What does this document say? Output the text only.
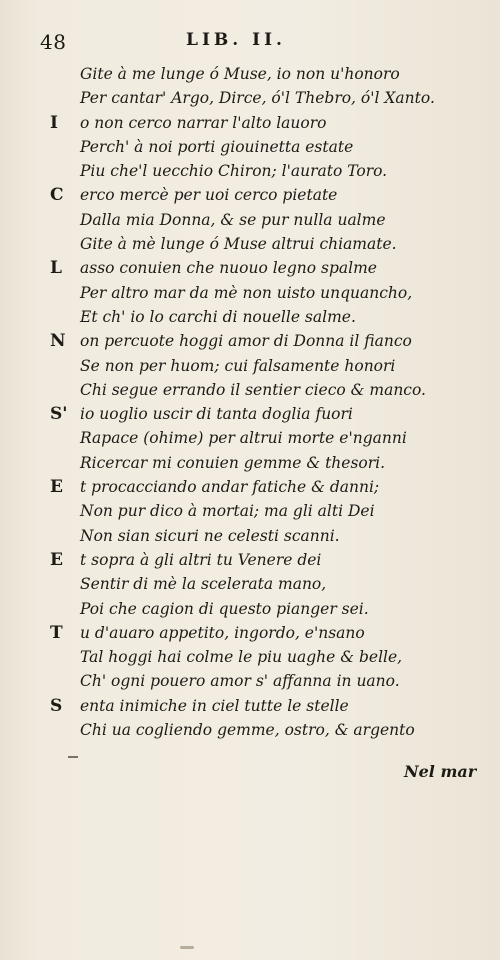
48	LIB. II.
Gite à me lunge ó Muse, io non u'honoro
Per cantar' Argo, Dirce, ó'l Thebro, ó'l Xanto.
I o non cerco narrar l'alto lauoro
Perch' à noi porti giouinetta estate
Piu che'l uecchio Chiron; l'aurato Toro.
C erco mercè per uoi cerco pietate
Dalla mia Donna, & se pur nulla ualme
Gite à mè lunge ó Muse altrui chiamate.
L asso conuien che nuouo legno spalme
Per altro mar da mè non uisto unquancho,
Et ch' io lo carchi di nouelle salme.
N on percuote hoggi amor di Donna il fianco
Se non per huom; cui falsamente honori
Chi segue errando il sentier cieco & manco.
S' io uoglio uscir di tanta doglia fuori
Rapace (ohime) per altrui morte e'nganni
Ricercar mi conuien gemme & thesori.
E t procacciando andar fatiche & danni;
Non pur dico à mortai; ma gli alti Dei
Non sian sicuri ne celesti scanni.
E t sopra à gli altri tu Venere dei
Sentir di mè la scelerata mano,
Poi che cagion di questo pianger sei.
T u d'auaro appetito, ingordo, e'nsano
Tal hoggi hai colme le piu uaghe & belle,
Ch' ogni pouero amor s' affanna in uano.
S enta inimiche in ciel tutte le stelle
Chi ua cogliendo gemme, ostro, & argento
Nel mar
